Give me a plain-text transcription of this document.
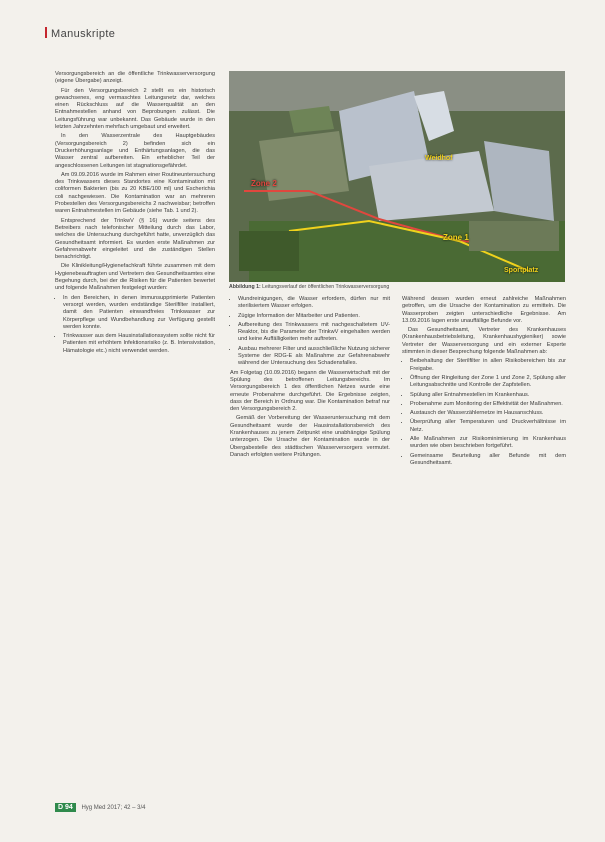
Manuskripte

Versorgungsbereich an die öffentliche Trinkwasserversorgung (eigene Übergabe) anzeigt.

Für den Versorgungsbereich 2 stellt es ein historisch gewachsenes, eng vermaschtes Leitungsnetz dar, welches einen Rückschluss auf die Wasserqualität an den Entnahmestellen anhand von Beprobungen zulässt. Die Leitungsführung war unbekannt. Das Gebäude wurde in den letzten Jahrzehnten mehrfach umgebaut und erweitert.

In den Wasserzentrale des Hauptgebäudes (Versorgungsbereich 2) befinden sich ein Druckerhöhungsanlage und Enthärtungsanlagen, die das Wasser zentral aufbereiten. Ein erheblicher Teil der angeschlossenen Leitungen ist stagnationsgefährdet.

Am 09.09.2016 wurde im Rahmen einer Routineuntersuchung des Trinkwassers dieses Standortes eine Kontamination mit coliformen Bakterien (bis zu 20 KBE/100 ml) und Escherichia coli nachgewiesen. Die Kontamination war an mehreren Probestellen des Versorgungsbereichs 2 nachweisbar; betroffen waren Entnahmestellen im Gebäude (siehe Tab. 1 und 2).

Entsprechend der TrinkwV (§ 16) wurde seitens des Betreibers nach telefonischer Mitteilung durch das Labor, welches die Untersuchung durchgeführt hatte, unverzüglich das Gesundheitsamt informiert. Es wurden erste Maßnahmen zur Gefahrenabwehr eingeleitet und die zuständigen Stellen benachrichtigt.

Die Klinikleitung/Hygienefachkraft führte zusammen mit dem Hygienebeauftragten und Vertretern des Gesundheitsamtes eine Begehung durch, bei der die Risiken für die Patienten bewertet und folgende Maßnahmen festgelegt wurden:

• In den Bereichen, in denen immunsupprimierte Patienten versorgt werden, wurden endständige Sterilfilter installiert, damit den Patienten einwandfreies Trinkwasser zur Körperpflege und Wundbehandlung zur Verfügung gestellt werden konnte.
• Trinkwasser aus dem Hausinstallationssystem sollte nicht für Patienten mit erhöhtem Infektionsrisiko (z. B. Intensivstation, Hämatologie etc.) nicht verwendet werden.
Zone 2
Zone 1
Weidhof
Sportplatz
Abbildung 1: Leitungsverlauf der öffentlichen Trinkwasserversorgung
• Wundreinigungen, die Wasser erfordern, dürfen nur mit sterilisiertem Wasser erfolgen.
• Zügige Information der Mitarbeiter und Patienten.
• Aufbereitung des Trinkwassers mit nachgeschaltetem UV-Reaktor, bis die Parameter der TrinkwV eingehalten werden und keine Auffälligkeiten mehr auftreten.
• Ausbau mehrerer Filter und ausschließliche Nutzung sicherer Systeme der RDG-E als Maßnahme zur Gefahrenabwehr während der Untersuchung des Schadensfalles.

Am Folgetag (10.09.2016) begann die Wasserwirtschaft mit der Spülung des betroffenen Leitungsbereichs. Im Versorgungsbereich 1 des öffentlichen Netzes wurde eine erneute Probenahme durchgeführt. Die Ergebnisse zeigten, dass der Bereich in Ordnung war. Die Kontamination betraf nur den Versorgungsbereich 2.

Gemäß der Vorbereitung der Wasseruntersuchung mit dem Gesundheitsamt wurde der Hausinstallationsbereich des Krankenhauses zu jenem Zeitpunkt eine unabhängige Spülung unterzogen. Die Ursache der Kontamination wurde in der Übergabestelle des städtischen Wasserversorgers vermutet. Danach erfolgten weitere Prüfungen.

Während dessen wurden erneut zahlreiche Maßnahmen getroffen, um die Ursache der Kontamination zu ermitteln. Die Wasserproben zeigten unterschiedliche Ergebnisse. Am 13.09.2016 lagen erste unauffällige Befunde vor.

Das Gesundheitsamt, Vertreter des Krankenhauses (Krankenhausbetriebsleitung, Krankenhaushygieniker) sowie Vertreter der Wasserversorgung und ein externer Experte stimmten in dieser Besprechung folgende Maßnahmen ab:

• Beibehaltung der Sterilfilter in allen Risikobereichen bis zur Freigabe.
• Öffnung der Ringleitung der Zone 1 und Zone 2, Spülung aller Leitungsabschnitte und Kontrolle der Zapfstellen.
• Spülung aller Entnahmestellen im Krankenhaus.
• Probenahme zum Monitoring der Effektivität der Maßnahmen.
• Austausch der Wasserzählernetze im Hausanschluss.
• Überprüfung aller Temperaturen und Druckverhältnisse im Netz.
• Alle Maßnahmen zur Risikominimierung im Krankenhaus wurden wie oben beschrieben fortgeführt.
• Gemeinsame Beurteilung aller Befunde mit dem Gesundheitsamt.
D 94 Hyg Med 2017; 42 – 3/4
